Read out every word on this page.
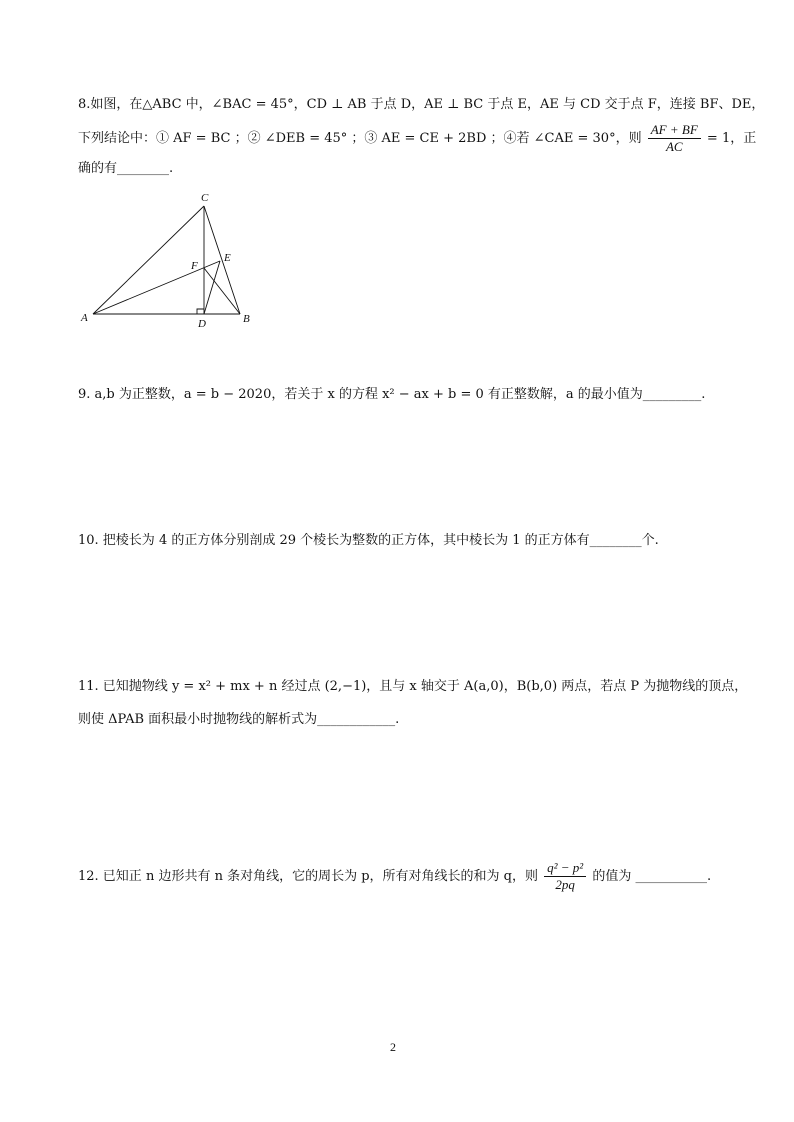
8.如图，在△ABC 中，∠BAC = 45°，CD ⊥ AB 于点 D，AE ⊥ BC 于点 E，AE 与 CD 交于点 F，连接 BF、DE，
下列结论中：① AF = BC ；② ∠DEB = 45° ；③ AE = CE + 2BD ；④若 ∠CAE = 30°，则 $\frac{AF + BF}{AC} = 1$，正
确的有________.
A	B
C
D
E
F
9. a,b 为正整数，a = b − 2020，若关于 x 的方程 x² − ax + b = 0 有正整数解，a 的最小值为_________.
10. 把棱长为 4 的正方体分别剖成 29 个棱长为整数的正方体，其中棱长为 1 的正方体有________个.
11. 已知抛物线 y = x² + mx + n 经过点 (2,−1)，且与 x 轴交于 A(a,0)，B(b,0) 两点，若点 P 为抛物线的顶点，
则使 ΔPAB 面积最小时抛物线的解析式为____________.
12. 已知正 n 边形共有 n 条对角线，它的周长为 p，所有对角线长的和为 q，则 $\frac{\text{q² − p²}}{2pq}$ 的值为 ___________.
2
